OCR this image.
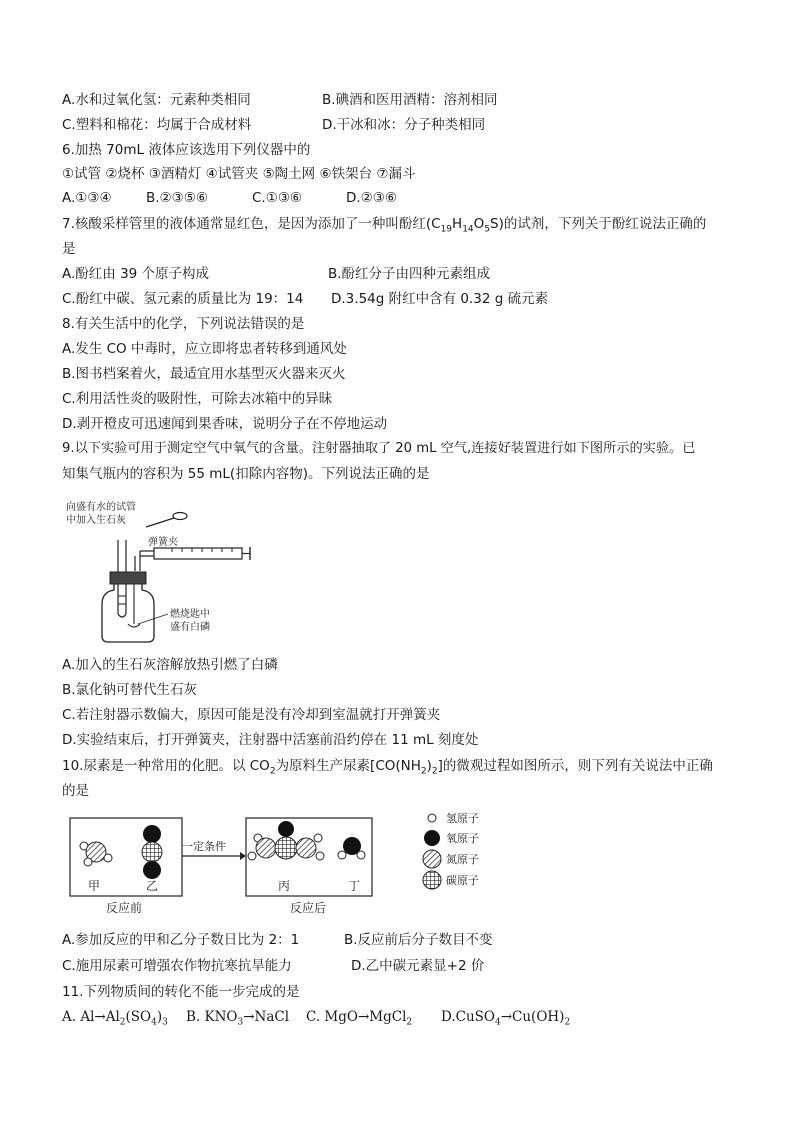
A.水和过氧化氢：元素种类相同	B.碘酒和医用酒精：溶剂相同
C.塑料和棉花：均属于合成材料	D.干冰和冰：分子种类相同
6.加热 70mL 液体应该选用下列仪器中的
①试管 ②烧杯 ③酒精灯 ④试管夹 ⑤陶土网 ⑥铁架台 ⑦漏斗
A.①③④	B.②③⑤⑥	C.①③⑥	D.②③⑥
7.核酸采样管里的液体通常显红色，是因为添加了一种叫酚红$(C_{19}H_{14}O_5S)$的试剂，下列关于酚红说法正确的
是
A.酚红由 39 个原子构成	B.酚红分子由四种元素组成
C.酚红中碳、氢元素的质量比为 19：14 D.3.54g 附红中含有 0.32 g 硫元素
8.有关生活中的化学，下列说法错误的是
A.发生 CO 中毒时，应立即将忠者转移到通风处
B.图书档案着火，最适宜用水基型灭火器来灭火
C.利用活性炎的吸附性，可除去冰箱中的异昧
D.剥开橙皮可迅速闻到果香味，说明分子在不停地运动
9.以下实验可用于测定空气中氧气的含量。注射器抽取了 20 mL 空气,连接好装置进行如下图所示的实验。已
知集气瓶内的容积为 55 mL(扣除内容物)。下列说法正确的是
向盛有水的试管
中加入生石灰
弹簧夹
燃烧匙中
盛有白磷
A.加入的生石灰溶解放热引燃了白磷
B.氯化钠可替代生石灰
C.若注射器示数偏大，原因可能是没有冷却到室温就打开弹簧夹
D.实验结束后，打开弹簧夹，注射器中活塞前沿约停在 11 mL 刻度处
10.尿素是一种常用的化肥。以 $CO_2$为原料生产尿素$[CO(NH_2)_2]$的微观过程如图所示，则下列有关说法中正确
的是
甲	乙
反应前
一定条件
丙	丁
反应后
氢原子
氧原子
氮原子
碳原子
A.参加反应的甲和乙分子数日比为 2：1	B.反应前后分子数目不变
C.施用尿素可增强农作物抗寒抗旱能力	D.乙中碳元素显+2 价
11.下列物质间的转化不能一步完成的是
A. $Al\to Al_2(SO_4)_3$ B. $KNO_3\to NaCl$ C. MgO→MgCl$_2$ $D.CuSO_4\to Cu(OH)_2$
